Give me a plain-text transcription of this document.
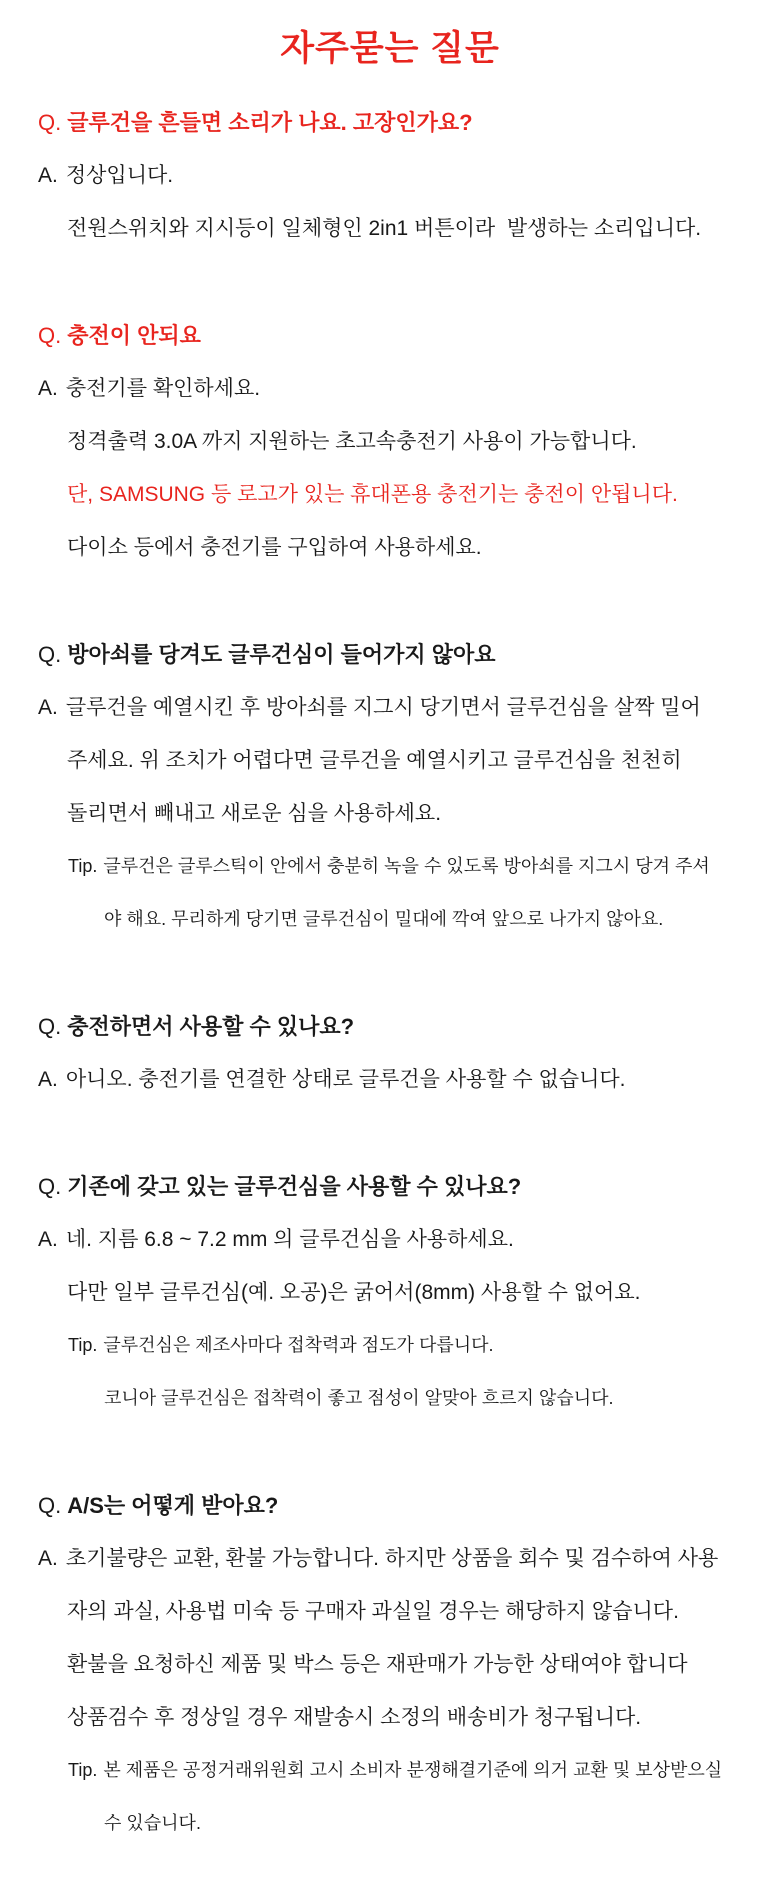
자주묻는 질문
Q. 글루건을 흔들면 소리가 나요. 고장인가요?
A. 정상입니다.
전원스위치와 지시등이 일체형인 2in1 버튼이라  발생하는 소리입니다.
Q. 충전이 안되요
A. 충전기를 확인하세요.
정격출력 3.0A 까지 지원하는 초고속충전기 사용이 가능합니다.
단, SAMSUNG 등 로고가 있는 휴대폰용 충전기는 충전이 안됩니다.
다이소 등에서 충전기를 구입하여 사용하세요.
Q. 방아쇠를 당겨도 글루건심이 들어가지 않아요
A. 글루건을 예열시킨 후 방아쇠를 지그시 당기면서 글루건심을 살짝 밀어
주세요. 위 조치가 어렵다면 글루건을 예열시키고 글루건심을 천천히
돌리면서 빼내고 새로운 심을 사용하세요.
Tip. 글루건은 글루스틱이 안에서 충분히 녹을 수 있도록 방아쇠를 지그시 당겨 주셔
야 해요. 무리하게 당기면 글루건심이 밀대에 깍여 앞으로 나가지 않아요.
Q. 충전하면서 사용할 수 있나요?
A. 아니오. 충전기를 연결한 상태로 글루건을 사용할 수 없습니다.
Q. 기존에 갖고 있는 글루건심을 사용할 수 있나요?
A. 네. 지름 6.8 ~ 7.2 mm 의 글루건심을 사용하세요.
다만 일부 글루건심(예. 오공)은 굵어서(8mm) 사용할 수 없어요.
Tip. 글루건심은 제조사마다 접착력과 점도가 다릅니다.
코니아 글루건심은 접착력이 좋고 점성이 알맞아 흐르지 않습니다.
Q. A/S는 어떻게 받아요?
A. 초기불량은 교환, 환불 가능합니다. 하지만 상품을 회수 및 검수하여 사용
자의 과실, 사용법 미숙 등 구매자 과실일 경우는 해당하지 않습니다.
환불을 요청하신 제품 및 박스 등은 재판매가 가능한 상태여야 합니다
상품검수 후 정상일 경우 재발송시 소정의 배송비가 청구됩니다.
Tip. 본 제품은 공정거래위원회 고시 소비자 분쟁해결기준에 의거 교환 및 보상받으실
수 있습니다.
